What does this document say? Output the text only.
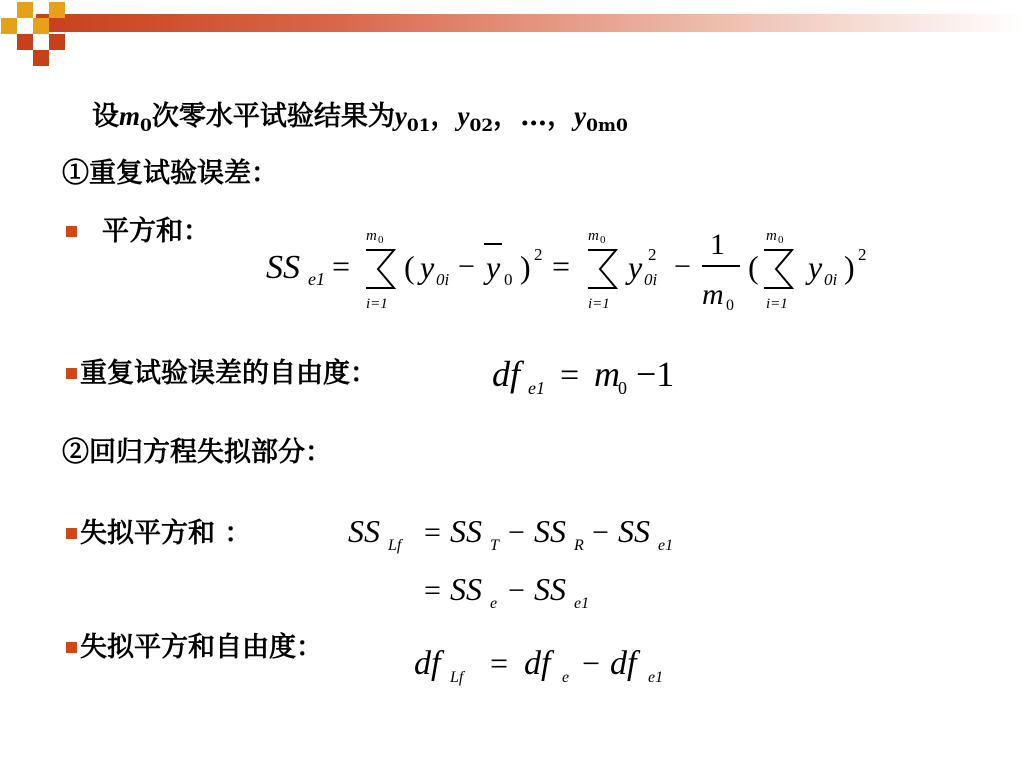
设$m_0$次零水平试验结果为$y_{01}$，$y_{02}$，…，$y_{0m0}$
①重复试验误差：
平方和：
SS e1 =
m 0
i=1
( y 0i − y 0 ) 2 =
m 0
i=1
y 0i
2 −
1
m 0
(
m 0
i=1
y 0i ) 2
重复试验误差的自由度：	df e1 = m
0 −1
②回归方程失拟部分：
失拟平方和 ：	SS Lf = SS T − SS R − SS e1
= SS e − SS e1
失拟平方和自由度：	df Lf = df e − df e1
